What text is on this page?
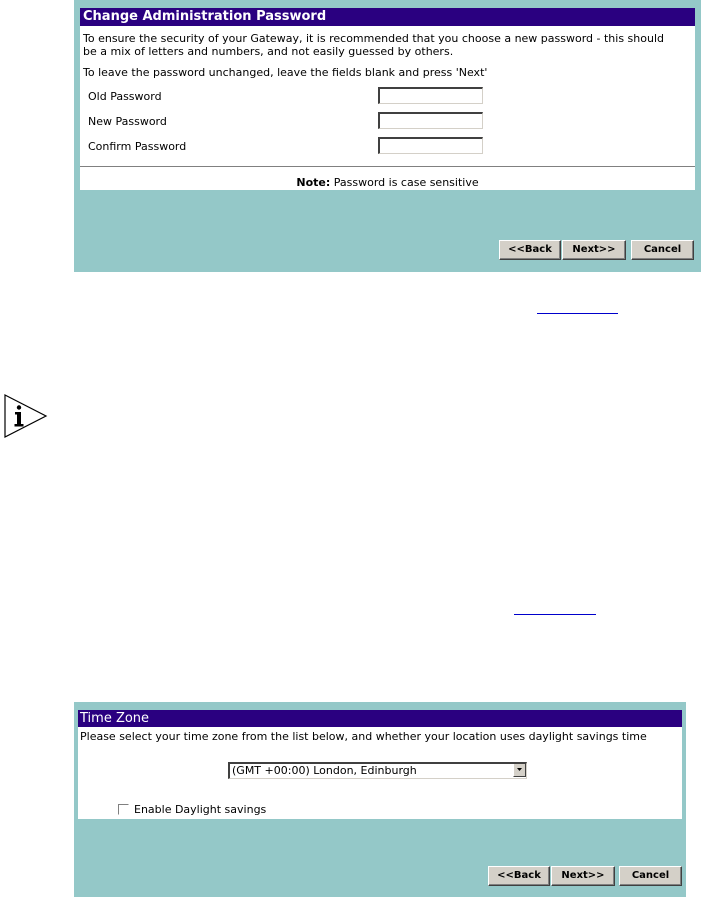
Change Administration Password
To ensure the security of your Gateway, it is recommended that you choose a new password - this should
be a mix of letters and numbers, and not easily guessed by others.
To leave the password unchanged, leave the fields blank and press 'Next'
Old Password
New Password
Confirm Password
Note: Password is case sensitive
<<Back	Next>>	Cancel
Time Zone
Please select your time zone from the list below, and whether your location uses daylight savings time
(GMT +00:00) London, Edinburgh
Enable Daylight savings
<<Back	Next>>	Cancel
